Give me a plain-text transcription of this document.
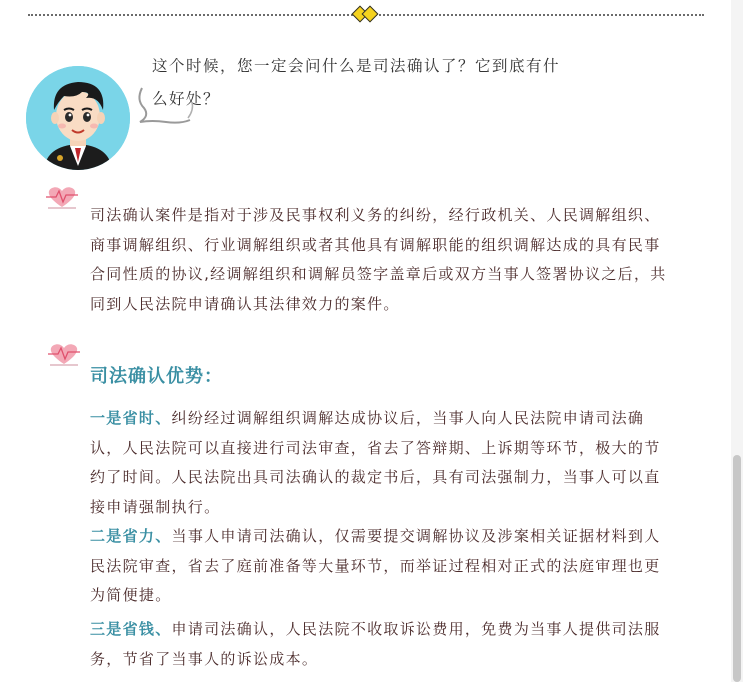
这个时候，您一定会问什么是司法确认了？它到底有什
么好处？
司法确认案件是指对于涉及民事权利义务的纠纷，经行政机关、人民调解组织、
商事调解组织、行业调解组织或者其他具有调解职能的组织调解达成的具有民事
合同性质的协议,经调解组织和调解员签字盖章后或双方当事人签署协议之后，共
同到人民法院申请确认其法律效力的案件。
司法确认优势：
一是省时、纠纷经过调解组织调解达成协议后，当事人向人民法院申请司法确
认，人民法院可以直接进行司法审查，省去了答辩期、上诉期等环节，极大的节
约了时间。人民法院出具司法确认的裁定书后，具有司法强制力，当事人可以直
接申请强制执行。
二是省力、当事人申请司法确认，仅需要提交调解协议及涉案相关证据材料到人
民法院审查，省去了庭前准备等大量环节，而举证过程相对正式的法庭审理也更
为简便捷。
三是省钱、申请司法确认，人民法院不收取诉讼费用，免费为当事人提供司法服
务，节省了当事人的诉讼成本。
